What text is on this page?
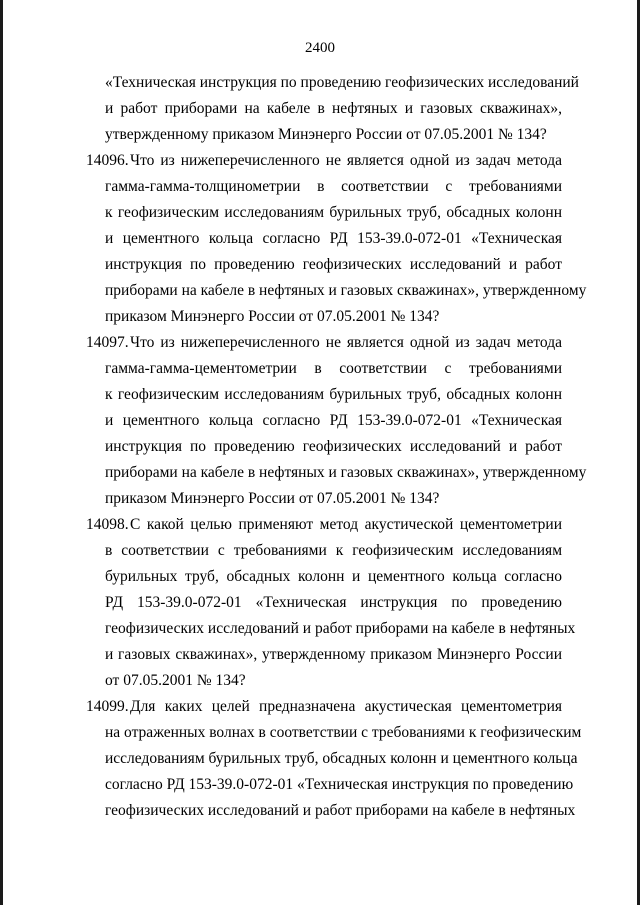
2400
«Техническая инструкция по проведению геофизических исследований
и работ приборами на кабеле в нефтяных и газовых скважинах»,
утвержденному приказом Минэнерго России от 07.05.2001 № 134?
14096. Что из нижеперечисленного не является одной из задач метода
гамма-гамма-толщинометрии в соответствии с требованиями
к геофизическим исследованиям бурильных труб, обсадных колонн
и цементного кольца согласно РД 153-39.0-072-01 «Техническая
инструкция по проведению геофизических исследований и работ
приборами на кабеле в нефтяных и газовых скважинах», утвержденному
приказом Минэнерго России от 07.05.2001 № 134?
14097. Что из нижеперечисленного не является одной из задач метода
гамма-гамма-цементометрии в соответствии с требованиями
к геофизическим исследованиям бурильных труб, обсадных колонн
и цементного кольца согласно РД 153-39.0-072-01 «Техническая
инструкция по проведению геофизических исследований и работ
приборами на кабеле в нефтяных и газовых скважинах», утвержденному
приказом Минэнерго России от 07.05.2001 № 134?
14098. С какой целью применяют метод акустической цементометрии
в соответствии с требованиями к геофизическим исследованиям
бурильных труб, обсадных колонн и цементного кольца согласно
РД 153-39.0-072-01 «Техническая инструкция по проведению
геофизических исследований и работ приборами на кабеле в нефтяных
и газовых скважинах», утвержденному приказом Минэнерго России
от 07.05.2001 № 134?
14099. Для каких целей предназначена акустическая цементометрия
на отраженных волнах в соответствии с требованиями к геофизическим
исследованиям бурильных труб, обсадных колонн и цементного кольца
согласно РД 153-39.0-072-01 «Техническая инструкция по проведению
геофизических исследований и работ приборами на кабеле в нефтяных
